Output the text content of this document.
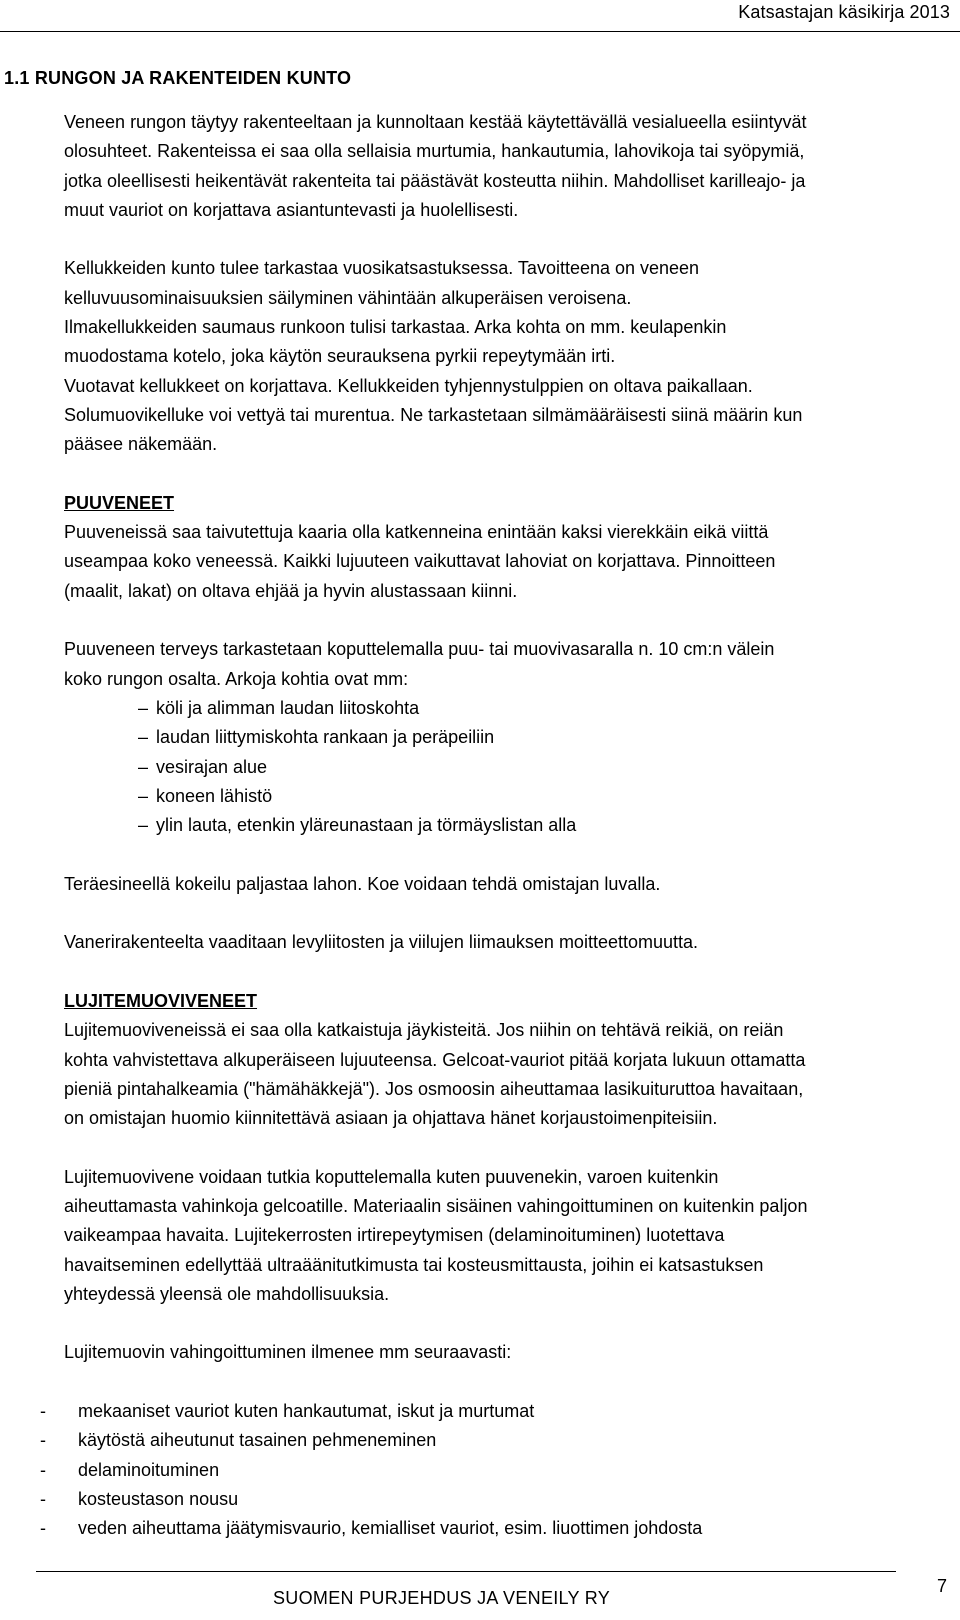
Katsastajan käsikirja 2013
1.1 RUNGON JA RAKENTEIDEN KUNTO
Veneen rungon täytyy rakenteeltaan ja kunnoltaan kestää käytettävällä vesialueella esiintyvät
olosuhteet. Rakenteissa ei saa olla sellaisia murtumia, hankautumia, lahovikoja tai syöpymiä,
jotka oleellisesti heikentävät rakenteita tai päästävät kosteutta niihin. Mahdolliset karilleajo- ja
muut vauriot on korjattava asiantuntevasti ja huolellisesti.
Kellukkeiden kunto tulee tarkastaa vuosikatsastuksessa. Tavoitteena on veneen
kelluvuusominaisuuksien säilyminen vähintään alkuperäisen veroisena.
Ilmakellukkeiden saumaus runkoon tulisi tarkastaa. Arka kohta on mm. keulapenkin
muodostama kotelo, joka käytön seurauksena pyrkii repeytymään irti.
Vuotavat kellukkeet on korjattava. Kellukkeiden tyhjennystulppien on oltava paikallaan.
Solumuovikelluke voi vettyä tai murentua. Ne tarkastetaan silmämääräisesti siinä määrin kun
pääsee näkemään.
PUUVENEET
Puuveneissä saa taivutettuja kaaria olla katkenneina enintään kaksi vierekkäin eikä viittä
useampaa koko veneessä. Kaikki lujuuteen vaikuttavat lahoviat on korjattava. Pinnoitteen
(maalit, lakat) on oltava ehjää ja hyvin alustassaan kiinni.
Puuveneen terveys tarkastetaan koputtelemalla puu- tai muovivasaralla n. 10 cm:n välein
koko rungon osalta. Arkoja kohtia ovat mm:
– köli ja alimman laudan liitoskohta
– laudan liittymiskohta rankaan ja peräpeiliin
– vesirajan alue
– koneen lähistö
– ylin lauta, etenkin yläreunastaan ja törmäyslistan alla
Teräesineellä kokeilu paljastaa lahon. Koe voidaan tehdä omistajan luvalla.
Vanerirakenteelta vaaditaan levyliitosten ja viilujen liimauksen moitteettomuutta.
LUJITEMUOVIVENEET
Lujitemuoviveneissä ei saa olla katkaistuja jäykisteitä. Jos niihin on tehtävä reikiä, on reiän
kohta vahvistettava alkuperäiseen lujuuteensa. Gelcoat-vauriot pitää korjata lukuun ottamatta
pieniä pintahalkeamia ("hämähäkkejä"). Jos osmoosin aiheuttamaa lasikuituruttoa havaitaan,
on omistajan huomio kiinnitettävä asiaan ja ohjattava hänet korjaustoimenpiteisiin.
Lujitemuovivene voidaan tutkia koputtelemalla kuten puuvenekin, varoen kuitenkin
aiheuttamasta vahinkoja gelcoatille. Materiaalin sisäinen vahingoittuminen on kuitenkin paljon
vaikeampaa havaita. Lujitekerrosten irtirepeytymisen (delaminoituminen) luotettava
havaitseminen edellyttää ultraäänitutkimusta tai kosteusmittausta, joihin ei katsastuksen
yhteydessä yleensä ole mahdollisuuksia.
Lujitemuovin vahingoittuminen ilmenee mm seuraavasti:
- mekaaniset vauriot kuten hankautumat, iskut ja murtumat
- käytöstä aiheutunut tasainen pehmeneminen
- delaminoituminen
- kosteustason nousu
- veden aiheuttama jäätymisvaurio, kemialliset vauriot, esim. liuottimen johdosta
SUOMEN PURJEHDUS JA VENEILY RY
7
